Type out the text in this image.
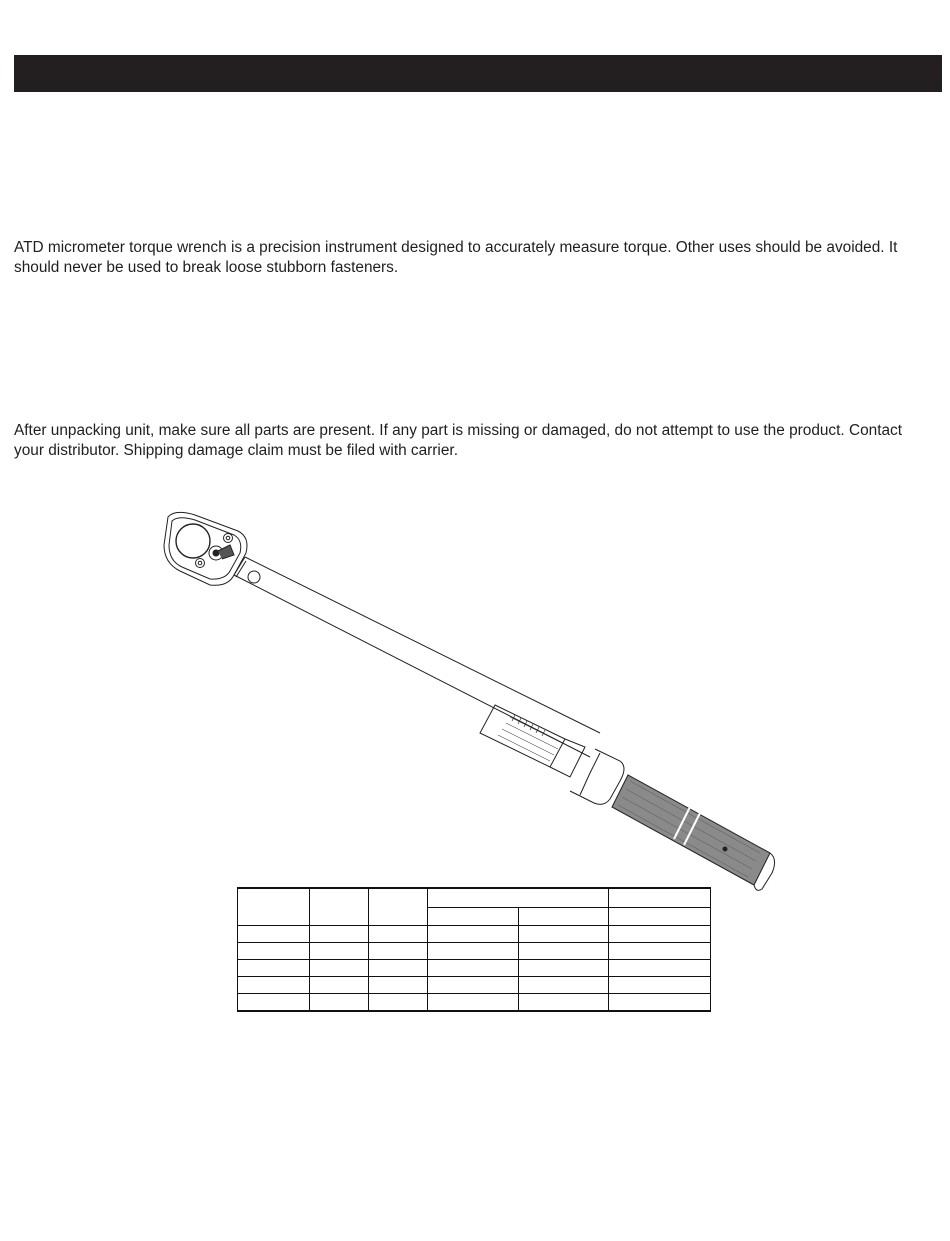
ATD micrometer torque wrench is a precision instrument designed to accurately measure torque. Other uses should be avoided. It should never be used to break loose stubborn fasteners.

After unpacking unit, make sure all parts are present. If any part is missing or damaged, do not attempt to use the product. Contact your distributor. Shipping damage claim must be filed with carrier.
